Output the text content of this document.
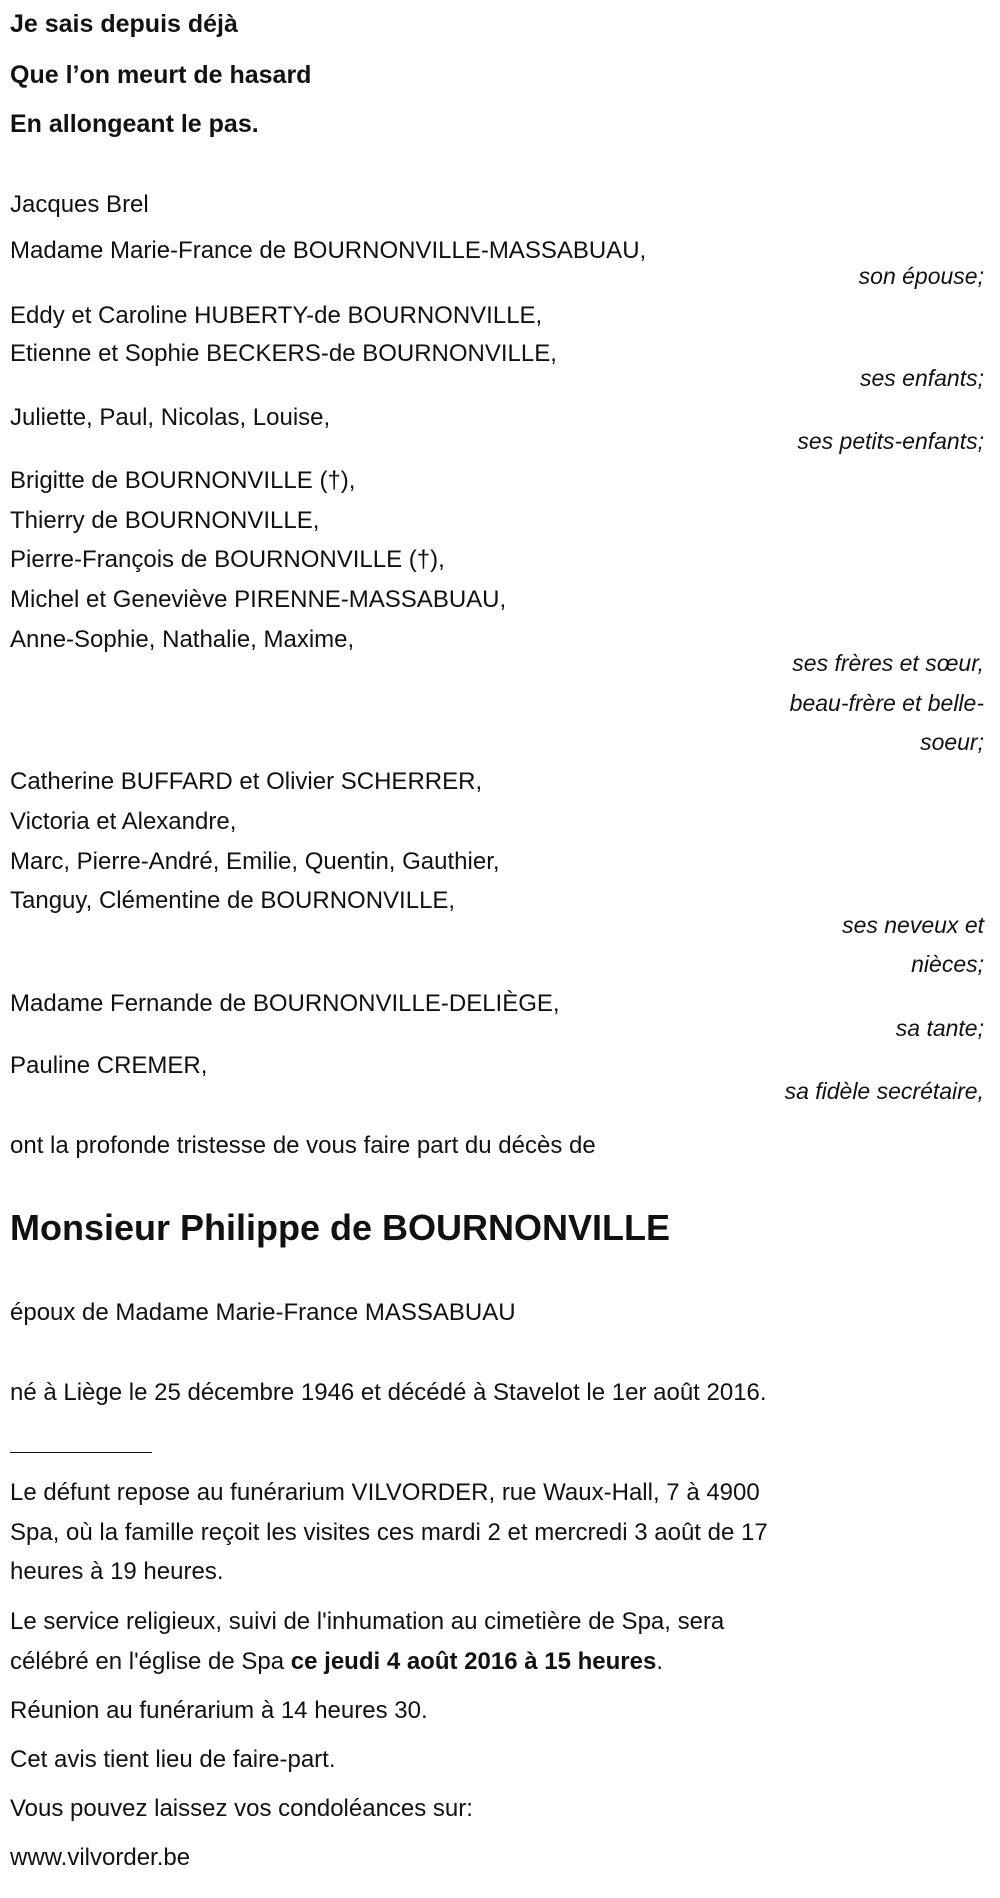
Je sais depuis déjà
Que l’on meurt de hasard
En allongeant le pas.
Jacques Brel
Madame Marie-France de BOURNONVILLE-MASSABUAU,
son épouse;
Eddy et Caroline HUBERTY-de BOURNONVILLE,
Etienne et Sophie BECKERS-de BOURNONVILLE,
ses enfants;
Juliette, Paul, Nicolas, Louise,
ses petits-enfants;
Brigitte de BOURNONVILLE (†),
Thierry de BOURNONVILLE,
Pierre-François de BOURNONVILLE (†),
Michel et Geneviève PIRENNE-MASSABUAU,
Anne-Sophie, Nathalie, Maxime,
ses frères et sœur,
beau-frère et belle-
soeur;
Catherine BUFFARD et Olivier SCHERRER,
Victoria et Alexandre,
Marc, Pierre-André, Emilie, Quentin, Gauthier,
Tanguy, Clémentine de BOURNONVILLE,
ses neveux et
nièces;
Madame Fernande de BOURNONVILLE-DELIÈGE,
sa tante;
Pauline CREMER,
sa fidèle secrétaire,
ont la profonde tristesse de vous faire part du décès de
Monsieur Philippe de BOURNONVILLE
époux de Madame Marie-France MASSABUAU
né à Liège le 25 décembre 1946 et décédé à Stavelot le 1er août 2016.
Le défunt repose au funérarium VILVORDER, rue Waux-Hall, 7 à 4900
Spa, où la famille reçoit les visites ces mardi 2 et mercredi 3 août de 17
heures à 19 heures.
Le service religieux, suivi de l'inhumation au cimetière de Spa, sera
célébré en l'église de Spa ce jeudi 4 août 2016 à 15 heures.
Réunion au funérarium à 14 heures 30.
Cet avis tient lieu de faire-part.
Vous pouvez laissez vos condoléances sur:
www.vilvorder.be
